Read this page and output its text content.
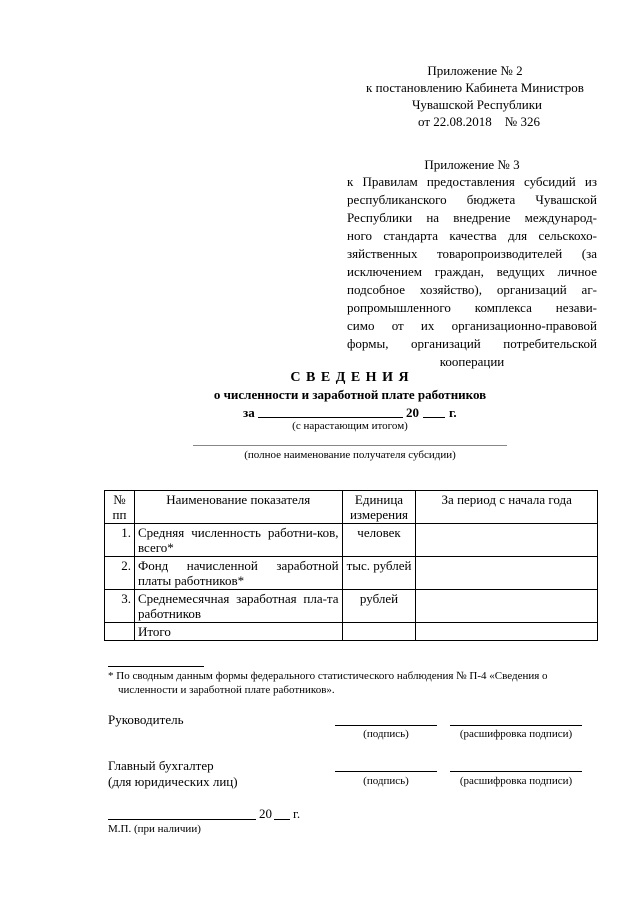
Приложение № 2
к постановлению Кабинета Министров
Чувашской Республики
от 22.08.2018    № 326
Приложение № 3
к Правилам предоставления субсидий из
республиканского бюджета Чувашской
Республики на внедрение международ-
ного стандарта качества для сельскохо-
зяйственных товаропроизводителей (за
исключением граждан, ведущих личное
подсобное хозяйство), организаций аг-
ропромышленного комплекса незави-
симо от их организационно-правовой
формы, организаций потребительской
кооперации
С В Е Д Е Н И Я
о численности и заработной плате работников
за	20 г.
(с нарастающим итогом)
(полное наименование получателя субсидии)
№ пп	Наименование показателя	Единица измерения	За период с начала года
1.	Средняя численность работни-ков, всего*	человек	
2.	Фонд начисленной заработной платы работников*	тыс. рублей	
3.	Среднемесячная заработная пла-та работников	рублей	
	Итого		
* По сводным данным формы федерального статистического наблюдения № П-4 «Сведения о
численности и заработной плате работников».
Руководитель
(подпись)	(расшифровка подписи)
Главный бухгалтер
(для юридических лиц)	(подпись)	(расшифровка подписи)
20 г.
М.П. (при наличии)
